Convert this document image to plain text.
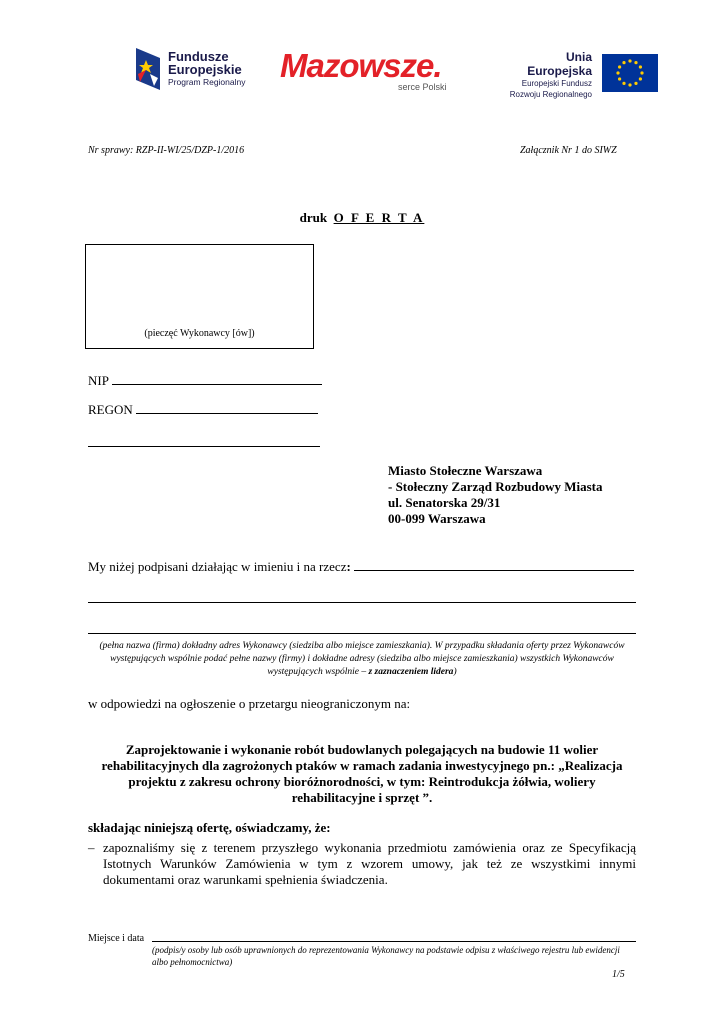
Fundusze
Europejskie
Program Regionalny Mazowsze.
serce Polski
Unia Europejska
Europejski Fundusz
Rozwoju Regionalnego
Nr sprawy: RZP-II-WI/25/DZP-1/2016	Załącznik Nr 1 do SIWZ
druk O F E R T A
(pieczęć Wykonawcy [ów])
NIP
REGON
Miasto Stołeczne Warszawa
- Stołeczny Zarząd Rozbudowy Miasta
ul. Senatorska 29/31
00-099 Warszawa
My niżej podpisani działając w imieniu i na rzecz:
(pełna nazwa (firma) dokładny adres Wykonawcy (siedziba albo miejsce zamieszkania). W przypadku składania oferty przez Wykonawców występujących wspólnie podać pełne nazwy (firmy) i dokładne adresy (siedziba albo miejsce zamieszkania) wszystkich Wykonawców występujących wspólnie – z zaznaczeniem lidera)
w odpowiedzi na ogłoszenie o przetargu nieograniczonym na:
Zaprojektowanie i wykonanie robót budowlanych polegających na budowie 11 wolier rehabilitacyjnych dla zagrożonych ptaków w ramach zadania inwestycyjnego pn.: „Realizacja projektu z zakresu ochrony bioróżnorodności, w tym: Reintrodukcja żółwia, woliery rehabilitacyjne i sprzęt ”.
składając niniejszą ofertę, oświadczamy, że:
– zapoznaliśmy się z terenem przyszłego wykonania przedmiotu zamówienia oraz ze Specyfikacją Istotnych Warunków Zamówienia w tym z wzorem umowy, jak też ze wszystkimi innymi dokumentami oraz warunkami spełnienia świadczenia.
Miejsce i data
(podpis/y osoby lub osób uprawnionych do reprezentowania Wykonawcy na podstawie odpisu z właściwego rejestru lub ewidencji albo pełnomocnictwa)
1/5
